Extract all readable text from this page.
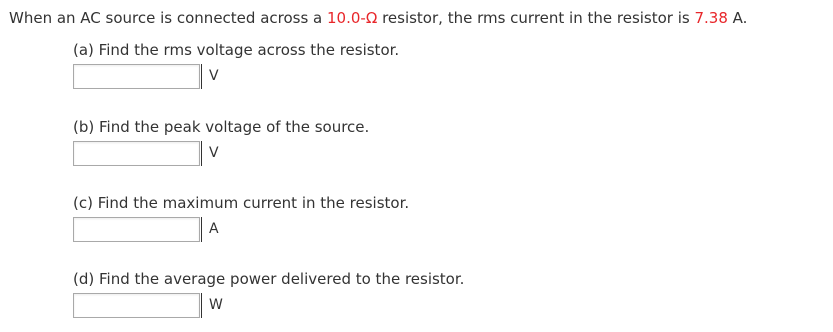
When an AC source is connected across a 10.0-Ω resistor, the rms current in the resistor is 7.38 A.

(a) Find the rms voltage across the resistor.

V

(b) Find the peak voltage of the source.

V

(c) Find the maximum current in the resistor.

A

(d) Find the average power delivered to the resistor.

W
